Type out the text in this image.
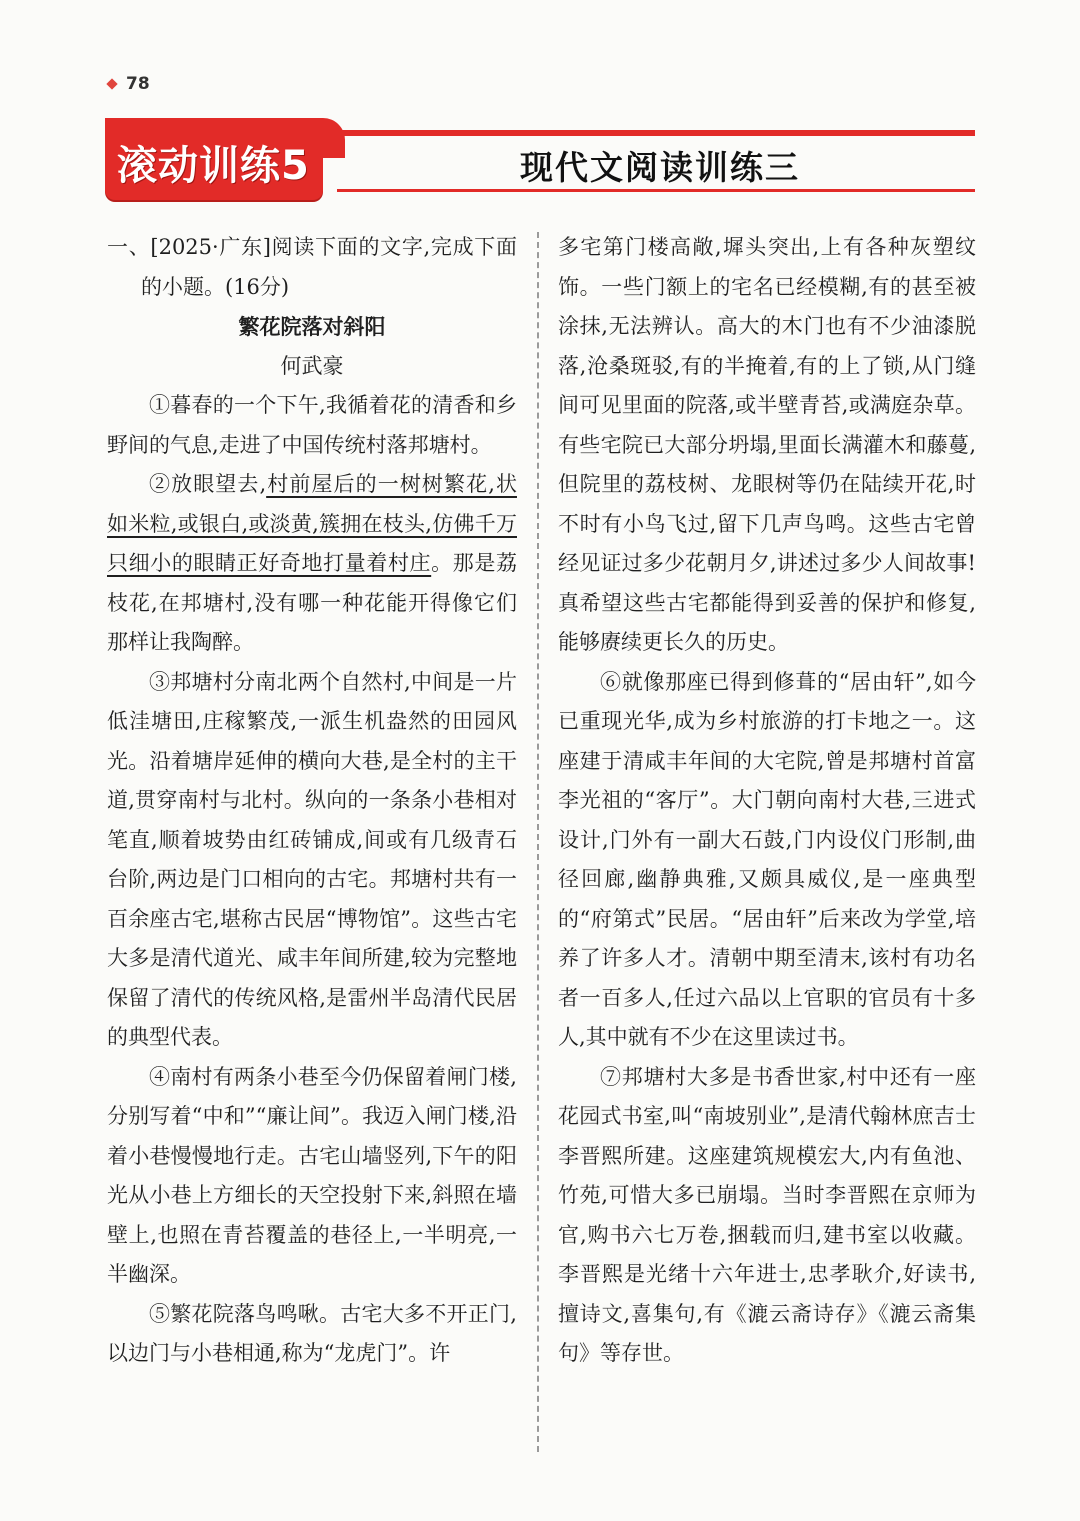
78
滚动训练5	现代文阅读训练三

一、[2025·广东]阅读下面的文字,完成下面的小题。(16分)

繁花院落对斜阳

何武豪

①暮春的一个下午,我循着花的清香和乡野间的气息,走进了中国传统村落邦塘村。

②放眼望去,村前屋后的一树树繁花,状如米粒,或银白,或淡黄,簇拥在枝头,仿佛千万只细小的眼睛正好奇地打量着村庄。那是荔枝花,在邦塘村,没有哪一种花能开得像它们那样让我陶醉。

③邦塘村分南北两个自然村,中间是一片低洼塘田,庄稼繁茂,一派生机盎然的田园风光。沿着塘岸延伸的横向大巷,是全村的主干道,贯穿南村与北村。纵向的一条条小巷相对笔直,顺着坡势由红砖铺成,间或有几级青石台阶,两边是门口相向的古宅。邦塘村共有一百余座古宅,堪称古民居“博物馆”。这些古宅大多是清代道光、咸丰年间所建,较为完整地保留了清代的传统风格,是雷州半岛清代民居的典型代表。

④南村有两条小巷至今仍保留着闸门楼,分别写着“中和”“廉让间”。我迈入闸门楼,沿着小巷慢慢地行走。古宅山墙竖列,下午的阳光从小巷上方细长的天空投射下来,斜照在墙壁上,也照在青苔覆盖的巷径上,一半明亮,一半幽深。

⑤繁花院落鸟鸣啾。古宅大多不开正门,以边门与小巷相通,称为“龙虎门”。许

多宅第门楼高敞,墀头突出,上有各种灰塑纹饰。一些门额上的宅名已经模糊,有的甚至被涂抹,无法辨认。高大的木门也有不少油漆脱落,沧桑斑驳,有的半掩着,有的上了锁,从门缝间可见里面的院落,或半壁青苔,或满庭杂草。有些宅院已大部分坍塌,里面长满灌木和藤蔓,但院里的荔枝树、龙眼树等仍在陆续开花,时不时有小鸟飞过,留下几声鸟鸣。这些古宅曾经见证过多少花朝月夕,讲述过多少人间故事!真希望这些古宅都能得到妥善的保护和修复,能够赓续更长久的历史。

⑥就像那座已得到修葺的“居由轩”,如今已重现光华,成为乡村旅游的打卡地之一。这座建于清咸丰年间的大宅院,曾是邦塘村首富李光祖的“客厅”。大门朝向南村大巷,三进式设计,门外有一副大石鼓,门内设仪门形制,曲径回廊,幽静典雅,又颇具威仪,是一座典型的“府第式”民居。“居由轩”后来改为学堂,培养了许多人才。清朝中期至清末,该村有功名者一百多人,任过六品以上官职的官员有十多人,其中就有不少在这里读过书。

⑦邦塘村大多是书香世家,村中还有一座花园式书室,叫“南坡别业”,是清代翰林庶吉士李晋熙所建。这座建筑规模宏大,内有鱼池、竹苑,可惜大多已崩塌。当时李晋熙在京师为官,购书六七万卷,捆载而归,建书室以收藏。李晋熙是光绪十六年进士,忠孝耿介,好读书,擅诗文,喜集句,有《漉云斋诗存》《漉云斋集句》等存世。
